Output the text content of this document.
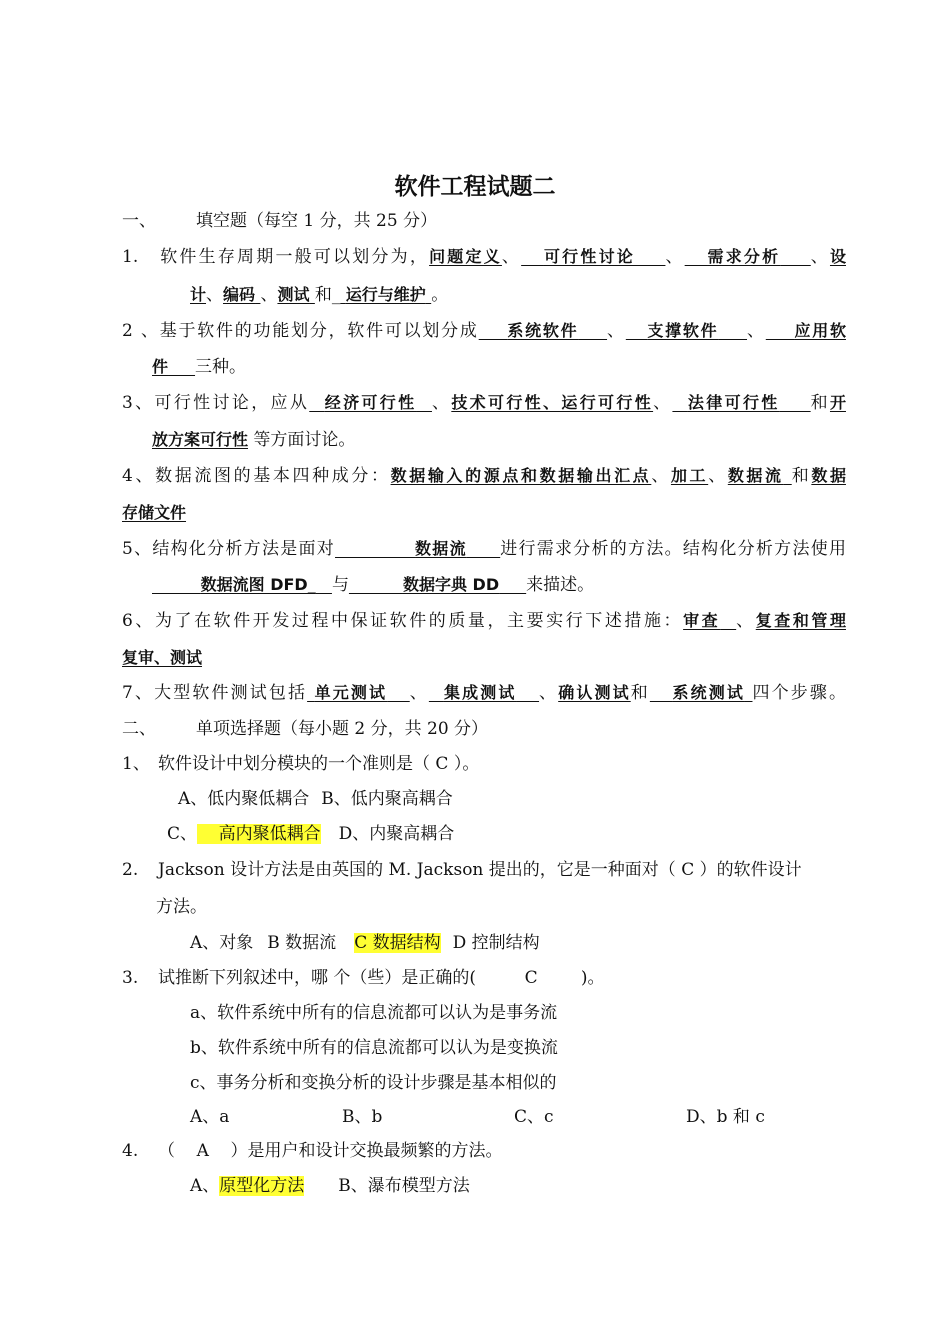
软件工程试题二
一、 填空题（每空 1 分，共 25 分）
1. 软件生存周期一般可以划分为，问题定义、 可行性讨论 、 需求分析 、设
计、编码 、测试 和_ 运行与维护 。
2、基于软件的功能划分，软件可以划分成 系统软件 、 支撑软件 、 应用软
件 三种。
3、可行性讨论，应从 经济可行性 、技术可行性、运行可行性、 法律可行性 和开
放方案可行性 等方面讨论。
4、数据流图的基本四种成分：数据输入的源点和数据输出汇点、加工、数据流 和数据
存储文件
5、结构化分析方法是面对	数据流 进行需求分析的方法。结构化分析方法使用
数据流图 DFD_ 与	数据字典 DD 来描述。
6、为了在软件开发过程中保证软件的质量，主要实行下述措施：审查 、复查和管理
复审、测试
7、大型软件测试包括 单元测试 、 集成测试 、确认测试和 系统测试 四个步骤。
二、 单项选择题（每小题 2 分，共 20 分）
1、 软件设计中划分模块的一个准则是（ C ）。
A、低内聚低耦合 B、低内聚高耦合
C、    高内聚低耦合 D、内聚高耦合
2. Jackson 设计方法是由英国的 M. Jackson 提出的，它是一种面对（ C ）的软件设计
方法。
A、对象 B 数据流 C 数据结构 D 控制结构
3. 试推断下列叙述中，哪 个（些）是正确的(         C        )。
a、软件系统中所有的信息流都可以认为是事务流
b、软件系统中所有的信息流都可以认为是变换流
c、事务分析和变换分析的设计步骤是基本相似的
A、a	B、b	C、c	D、b 和 c
4. （    A    ）是用户和设计交换最频繁的方法。
A、原型化方法 B、瀑布模型方法
